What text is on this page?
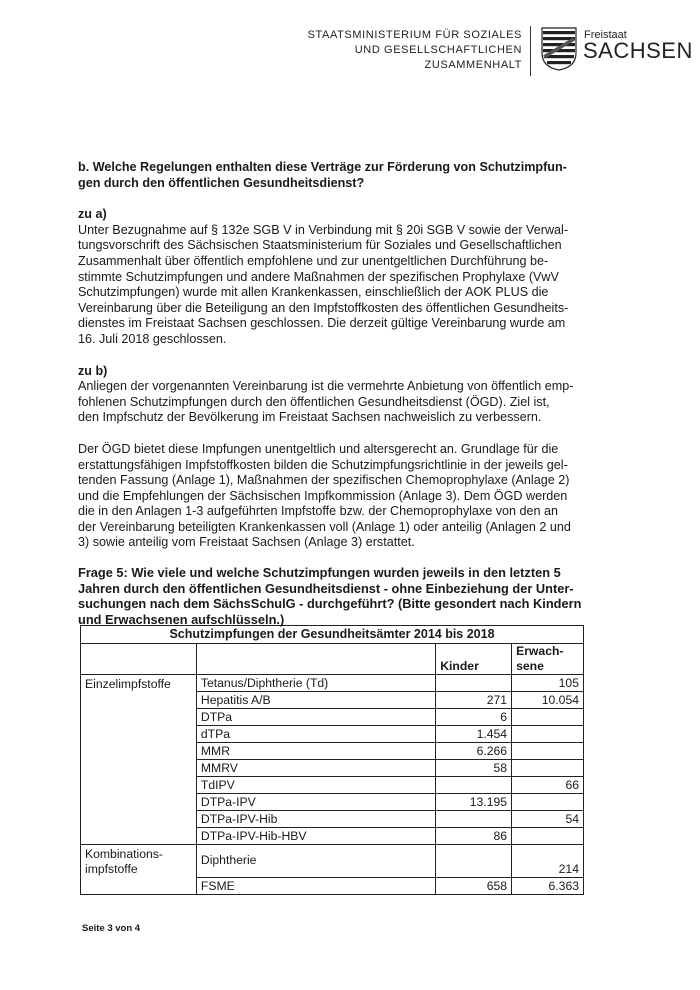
STAATSMINISTERIUM FÜR SOZIALES
UND GESELLSCHAFTLICHEN
ZUSAMMENHALT
Freistaat
SACHSEN
b. Welche Regelungen enthalten diese Verträge zur Förderung von Schutzimpfun-
gen durch den öffentlichen Gesundheitsdienst?
zu a)
Unter Bezugnahme auf § 132e SGB V in Verbindung mit § 20i SGB V sowie der Verwal-
tungsvorschrift des Sächsischen Staatsministerium für Soziales und Gesellschaftlichen
Zusammenhalt über öffentlich empfohlene und zur unentgeltlichen Durchführung be-
stimmte Schutzimpfungen und andere Maßnahmen der spezifischen Prophylaxe (VwV
Schutzimpfungen) wurde mit allen Krankenkassen, einschließlich der AOK PLUS die
Vereinbarung über die Beteiligung an den Impfstoffkosten des öffentlichen Gesundheits-
dienstes im Freistaat Sachsen geschlossen. Die derzeit gültige Vereinbarung wurde am
16. Juli 2018 geschlossen.
zu b)
Anliegen der vorgenannten Vereinbarung ist die vermehrte Anbietung von öffentlich emp-
fohlenen Schutzimpfungen durch den öffentlichen Gesundheitsdienst (ÖGD). Ziel ist,
den Impfschutz der Bevölkerung im Freistaat Sachsen nachweislich zu verbessern.
Der ÖGD bietet diese Impfungen unentgeltlich und altersgerecht an. Grundlage für die
erstattungsfähigen Impfstoffkosten bilden die Schutzimpfungsrichtlinie in der jeweils gel-
tenden Fassung (Anlage 1), Maßnahmen der spezifischen Chemoprophylaxe (Anlage 2)
und die Empfehlungen der Sächsischen Impfkommission (Anlage 3). Dem ÖGD werden
die in den Anlagen 1-3 aufgeführten Impfstoffe bzw. der Chemoprophylaxe von den an
der Vereinbarung beteiligten Krankenkassen voll (Anlage 1) oder anteilig (Anlagen 2 und
3) sowie anteilig vom Freistaat Sachsen (Anlage 3) erstattet.
Frage 5: Wie viele und welche Schutzimpfungen wurden jeweils in den letzten 5
Jahren durch den öffentlichen Gesundheitsdienst - ohne Einbeziehung der Unter-
suchungen nach dem SächsSchulG - durchgeführt? (Bitte gesondert nach Kindern
und Erwachsenen aufschlüsseln.)
Schutzimpfungen der Gesundheitsämter 2014 bis 2018			
		Kinder	Erwach-
sene

Einzelimpfstoffe	Tetanus/Diphtherie (Td)		105
	Hepatitis A/B	271	10.054
	DTPa	6	
	dTPa	1.454	
	MMR	6.266	
	MMRV	58	
	TdIPV		66
	DTPa-IPV	13.195	
	DTPa-IPV-Hib		54
	DTPa-IPV-Hib-HBV	86	

Kombinations-
impfstoffe	Diphtherie		214
	FSME	658	6.363
Seite 3 von 4
